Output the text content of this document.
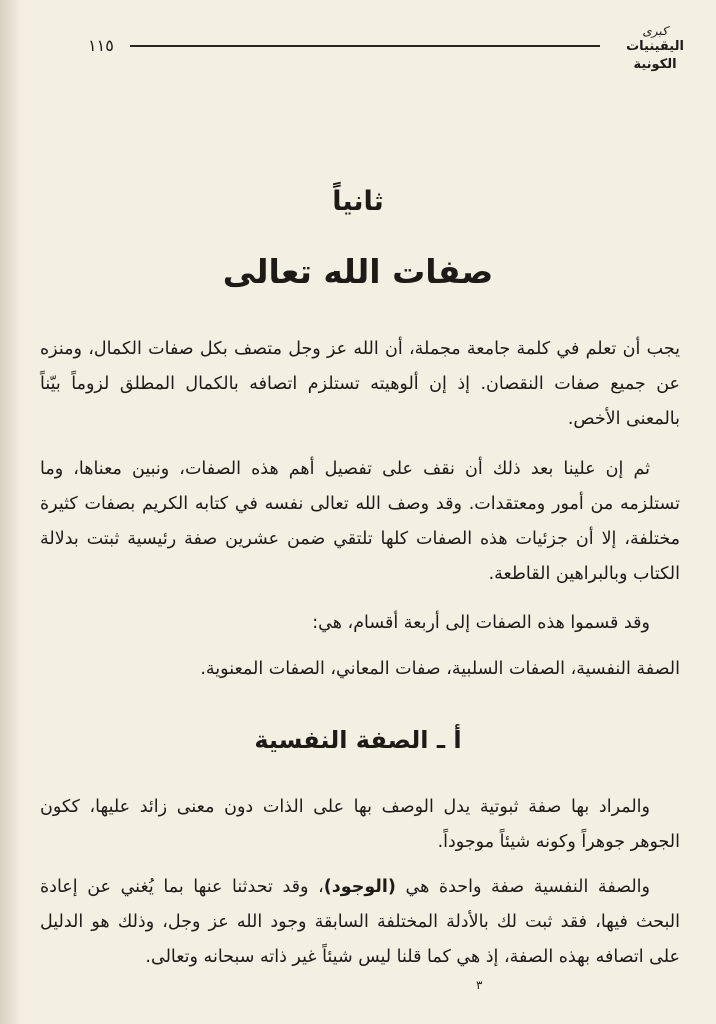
١١٥
كبرى
اليقينيات الكونية
ثانياً
صفات الله تعالى

يجب أن تعلم في كلمة جامعة مجملة، أن الله عز وجل متصف بكل صفات الكمال، ومنزه عن جميع صفات النقصان. إذ إن ألوهيته تستلزم اتصافه بالكمال المطلق لزوماً بيّناً بالمعنى الأخص.

ثم إن علينا بعد ذلك أن نقف على تفصيل أهم هذه الصفات، ونبين معناها، وما تستلزمه من أمور ومعتقدات. وقد وصف الله تعالى نفسه في كتابه الكريم بصفات كثيرة مختلفة، إلا أن جزئيات هذه الصفات كلها تلتقي ضمن عشرين صفة رئيسية ثبتت بدلالة الكتاب وبالبراهين القاطعة.

وقد قسموا هذه الصفات إلى أربعة أقسام، هي:

الصفة النفسية، الصفات السلبية، صفات المعاني، الصفات المعنوية.

أ ـ الصفة النفسية

والمراد بها صفة ثبوتية يدل الوصف بها على الذات دون معنى زائد عليها، ككون الجوهر جوهراً وكونه شيئاً موجوداً.

والصفة النفسية صفة واحدة هي (الوجود)، وقد تحدثنا عنها بما يُغني عن إعادة البحث فيها، فقد ثبت لك بالأدلة المختلفة السابقة وجود الله عز وجل، وذلك هو الدليل على اتصافه بهذه الصفة، إذ هي كما قلنا ليس شيئاً غير ذاته سبحانه وتعالى.

٣
